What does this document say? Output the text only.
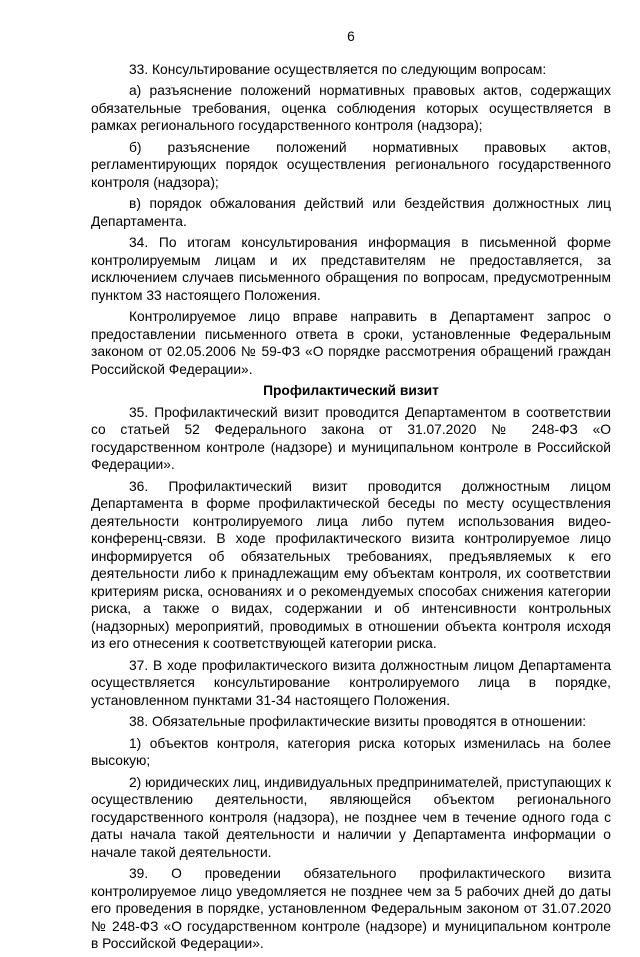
6

33. Консультирование осуществляется по следующим вопросам:

а) разъяснение положений нормативных правовых актов, содержащих обязательные требования, оценка соблюдения которых осуществляется в рамках регионального государственного контроля (надзора);

б) разъяснение положений нормативных правовых актов, регламентирующих порядок осуществления регионального государственного контроля (надзора);

в) порядок обжалования действий или бездействия должностных лиц Департамента.

34. По итогам консультирования информация в письменной форме контролируемым лицам и их представителям не предоставляется, за исключением случаев письменного обращения по вопросам, предусмотренным пунктом 33 настоящего Положения.

Контролируемое лицо вправе направить в Департамент запрос о предоставлении письменного ответа в сроки, установленные Федеральным законом от 02.05.2006 № 59-ФЗ «О порядке рассмотрения обращений граждан Российской Федерации».

Профилактический визит

35. Профилактический визит проводится Департаментом в соответствии со статьей 52 Федерального закона от 31.07.2020 № 248-ФЗ «О государственном контроле (надзоре) и муниципальном контроле в Российской Федерации».

36. Профилактический визит проводится должностным лицом Департамента в форме профилактической беседы по месту осуществления деятельности контролируемого лица либо путем использования видео-конференц-связи. В ходе профилактического визита контролируемое лицо информируется об обязательных требованиях, предъявляемых к его деятельности либо к принадлежащим ему объектам контроля, их соответствии критериям риска, основаниях и о рекомендуемых способах снижения категории риска, а также о видах, содержании и об интенсивности контрольных (надзорных) мероприятий, проводимых в отношении объекта контроля исходя из его отнесения к соответствующей категории риска.

37. В ходе профилактического визита должностным лицом Департамента осуществляется консультирование контролируемого лица в порядке, установленном пунктами 31-34 настоящего Положения.

38. Обязательные профилактические визиты проводятся в отношении:

1) объектов контроля, категория риска которых изменилась на более высокую;

2) юридических лиц, индивидуальных предпринимателей, приступающих к осуществлению деятельности, являющейся объектом регионального государственного контроля (надзора), не позднее чем в течение одного года с даты начала такой деятельности и наличии у Департамента информации о начале такой деятельности.

39. О проведении обязательного профилактического визита контролируемое лицо уведомляется не позднее чем за 5 рабочих дней до даты его проведения в порядке, установленном Федеральным законом от 31.07.2020 № 248-ФЗ «О государственном контроле (надзоре) и муниципальном контроле в Российской Федерации».
